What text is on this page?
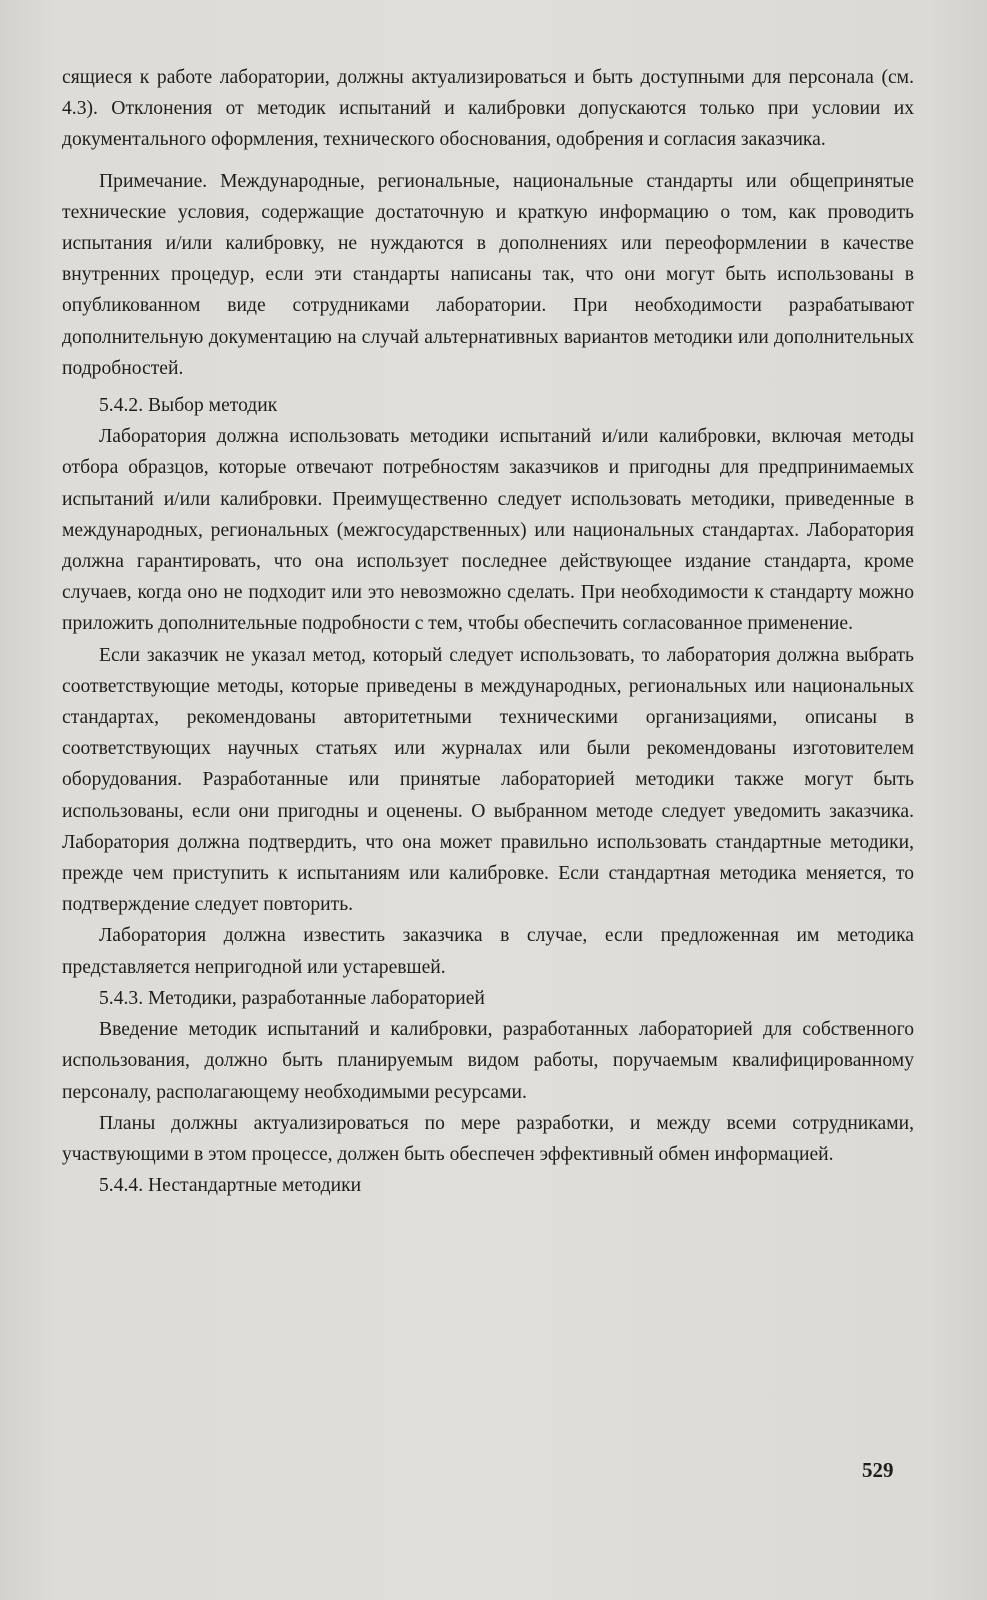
сящиеся к работе лаборатории, должны актуализироваться и быть доступными для персонала (см. 4.3). Отклонения от методик испытаний и калибровки допускаются только при условии их документального оформления, технического обоснования, одобрения и согласия заказчика.

Примечание. Международные, региональные, национальные стандарты или общепринятые технические условия, содержащие достаточную и краткую информацию о том, как проводить испытания и/или калибровку, не нуждаются в дополнениях или переоформлении в качестве внутренних процедур, если эти стандарты написаны так, что они могут быть использованы в опубликованном виде сотрудниками лаборатории. При необходимости разрабатывают дополнительную документацию на случай альтернативных вариантов методики или дополнительных подробностей.

5.4.2. Выбор методик

Лаборатория должна использовать методики испытаний и/или калибровки, включая методы отбора образцов, которые отвечают потребностям заказчиков и пригодны для предпринимаемых испытаний и/или калибровки. Преимущественно следует использовать методики, приведенные в международных, региональных (межгосударственных) или национальных стандартах. Лаборатория должна гарантировать, что она использует последнее действующее издание стандарта, кроме случаев, когда оно не подходит или это невозможно сделать. При необходимости к стандарту можно приложить дополнительные подробности с тем, чтобы обеспечить согласованное применение.

Если заказчик не указал метод, который следует использовать, то лаборатория должна выбрать соответствующие методы, которые приведены в международных, региональных или национальных стандартах, рекомендованы авторитетными техническими организациями, описаны в соответствующих научных статьях или журналах или были рекомендованы изготовителем оборудования. Разработанные или принятые лабораторией методики также могут быть использованы, если они пригодны и оценены. О выбранном методе следует уведомить заказчика. Лаборатория должна подтвердить, что она может правильно использовать стандартные методики, прежде чем приступить к испытаниям или калибровке. Если стандартная методика меняется, то подтверждение следует повторить.

Лаборатория должна известить заказчика в случае, если предложенная им методика представляется непригодной или устаревшей.

5.4.3. Методики, разработанные лабораторией

Введение методик испытаний и калибровки, разработанных лабораторией для собственного использования, должно быть планируемым видом работы, поручаемым квалифицированному персоналу, располагающему необходимыми ресурсами.

Планы должны актуализироваться по мере разработки, и между всеми сотрудниками, участвующими в этом процессе, должен быть обеспечен эффективный обмен информацией.

5.4.4. Нестандартные методики

529
